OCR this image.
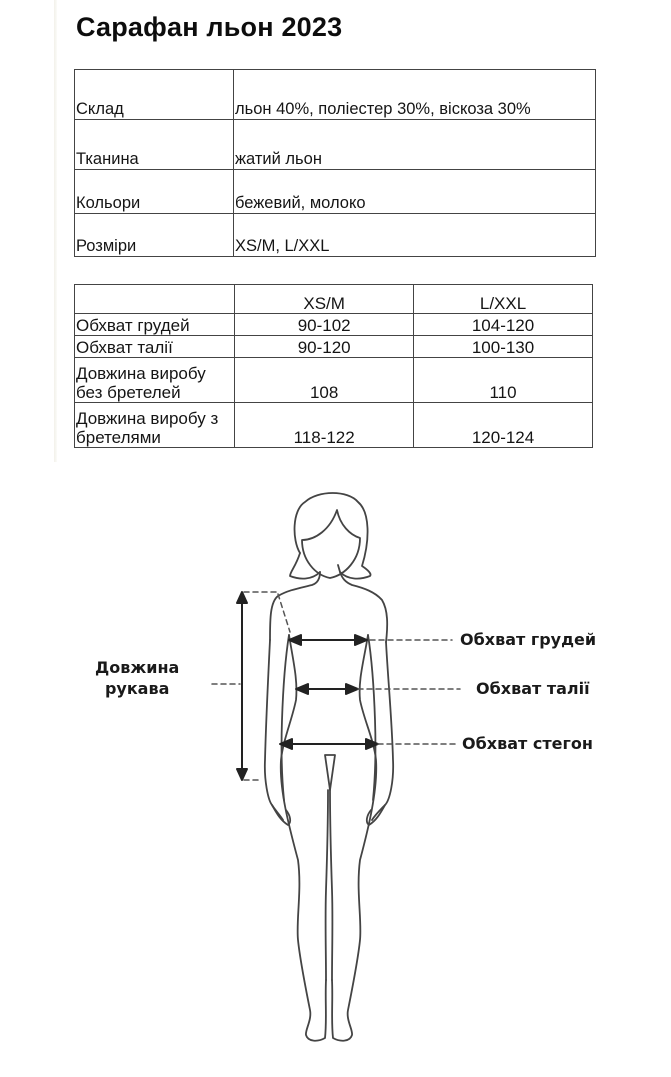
Сарафан льон 2023
Склад	льон 40%, поліестер 30%, віскоза 30%
Тканина	жатий льон
Кольори	бежевий, молоко
Розміри	XS/M, L/XXL
	XS/M	L/XXL
Обхват грудей	90-102	104-120
Обхват талії	90-120	100-130
Довжина виробу без бретелей	108	110
Довжина виробу з бретелями	118-122	120-124
Довжина
рукава
Обхват грудей
Обхват талії
Обхват стегон
